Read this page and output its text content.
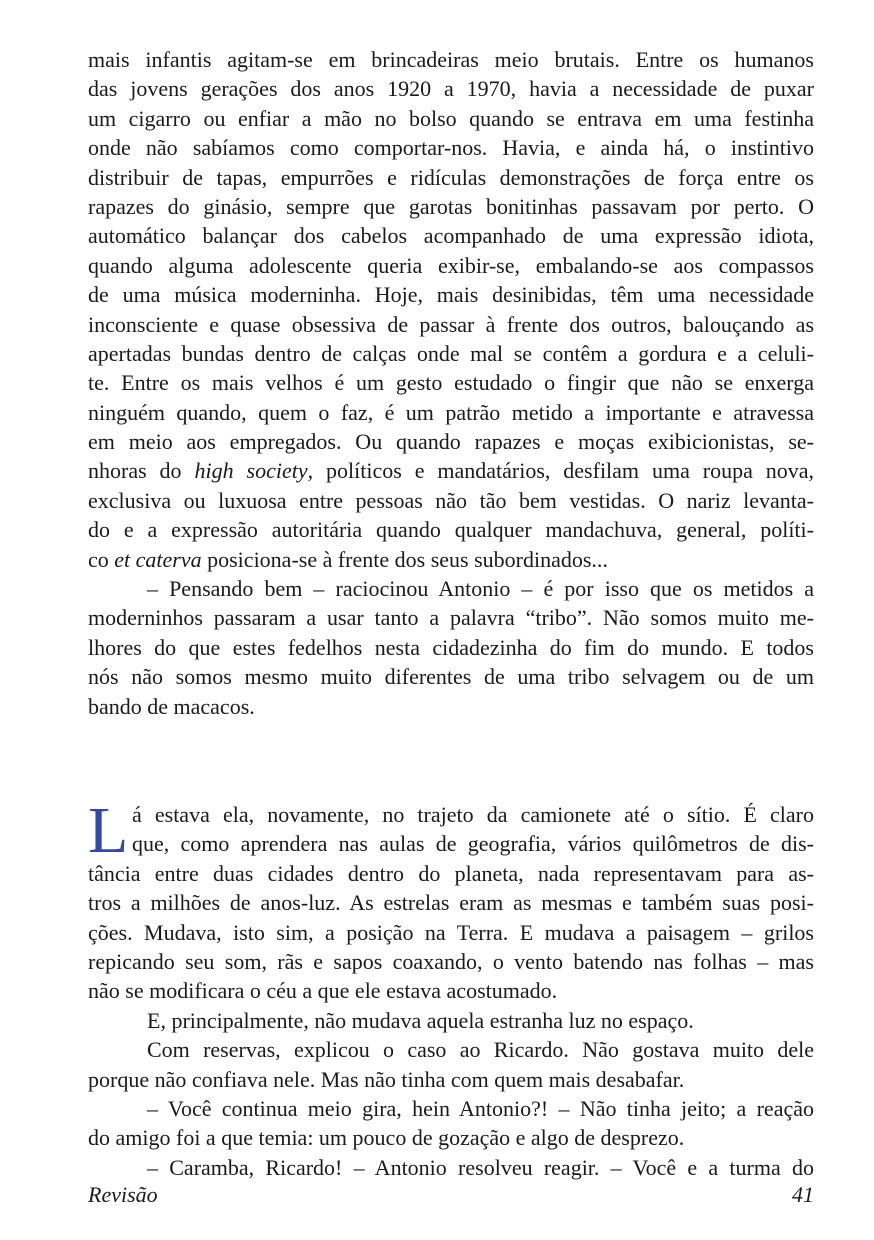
mais infantis agitam-se em brincadeiras meio brutais. Entre os humanos
das jovens gerações dos anos 1920 a 1970, havia a necessidade de puxar
um cigarro ou enfiar a mão no bolso quando se entrava em uma festinha
onde não sabíamos como comportar-nos. Havia, e ainda há, o instintivo
distribuir de tapas, empurrões e ridículas demonstrações de força entre os
rapazes do ginásio, sempre que garotas bonitinhas passavam por perto. O
automático balançar dos cabelos acompanhado de uma expressão idiota,
quando alguma adolescente queria exibir-se, embalando-se aos compassos
de uma música moderninha. Hoje, mais desinibidas, têm uma necessidade
inconsciente e quase obsessiva de passar à frente dos outros, balouçando as
apertadas bundas dentro de calças onde mal se contêm a gordura e a celuli-
te. Entre os mais velhos é um gesto estudado o fingir que não se enxerga
ninguém quando, quem o faz, é um patrão metido a importante e atravessa
em meio aos empregados. Ou quando rapazes e moças exibicionistas, se-
nhoras do high society, políticos e mandatários, desfilam uma roupa nova,
exclusiva ou luxuosa entre pessoas não tão bem vestidas. O nariz levanta-
do e a expressão autoritária quando qualquer mandachuva, general, políti-
co et caterva posiciona-se à frente dos seus subordinados...
– Pensando bem – raciocinou Antonio – é por isso que os metidos a
moderninhos passaram a usar tanto a palavra “tribo”. Não somos muito me-
lhores do que estes fedelhos nesta cidadezinha do fim do mundo. E todos
nós não somos mesmo muito diferentes de uma tribo selvagem ou de um
bando de macacos.
L á estava ela, novamente, no trajeto da camionete até o sítio. É claro
que, como aprendera nas aulas de geografia, vários quilômetros de dis-
tância entre duas cidades dentro do planeta, nada representavam para as-
tros a milhões de anos-luz. As estrelas eram as mesmas e também suas posi-
ções. Mudava, isto sim, a posição na Terra. E mudava a paisagem – grilos
repicando seu som, rãs e sapos coaxando, o vento batendo nas folhas – mas
não se modificara o céu a que ele estava acostumado.
E, principalmente, não mudava aquela estranha luz no espaço.
Com reservas, explicou o caso ao Ricardo. Não gostava muito dele
porque não confiava nele. Mas não tinha com quem mais desabafar.
– Você continua meio gira, hein Antonio?! – Não tinha jeito; a reação
do amigo foi a que temia: um pouco de gozação e algo de desprezo.
– Caramba, Ricardo! – Antonio resolveu reagir. – Você e a turma do
Revisão	41
